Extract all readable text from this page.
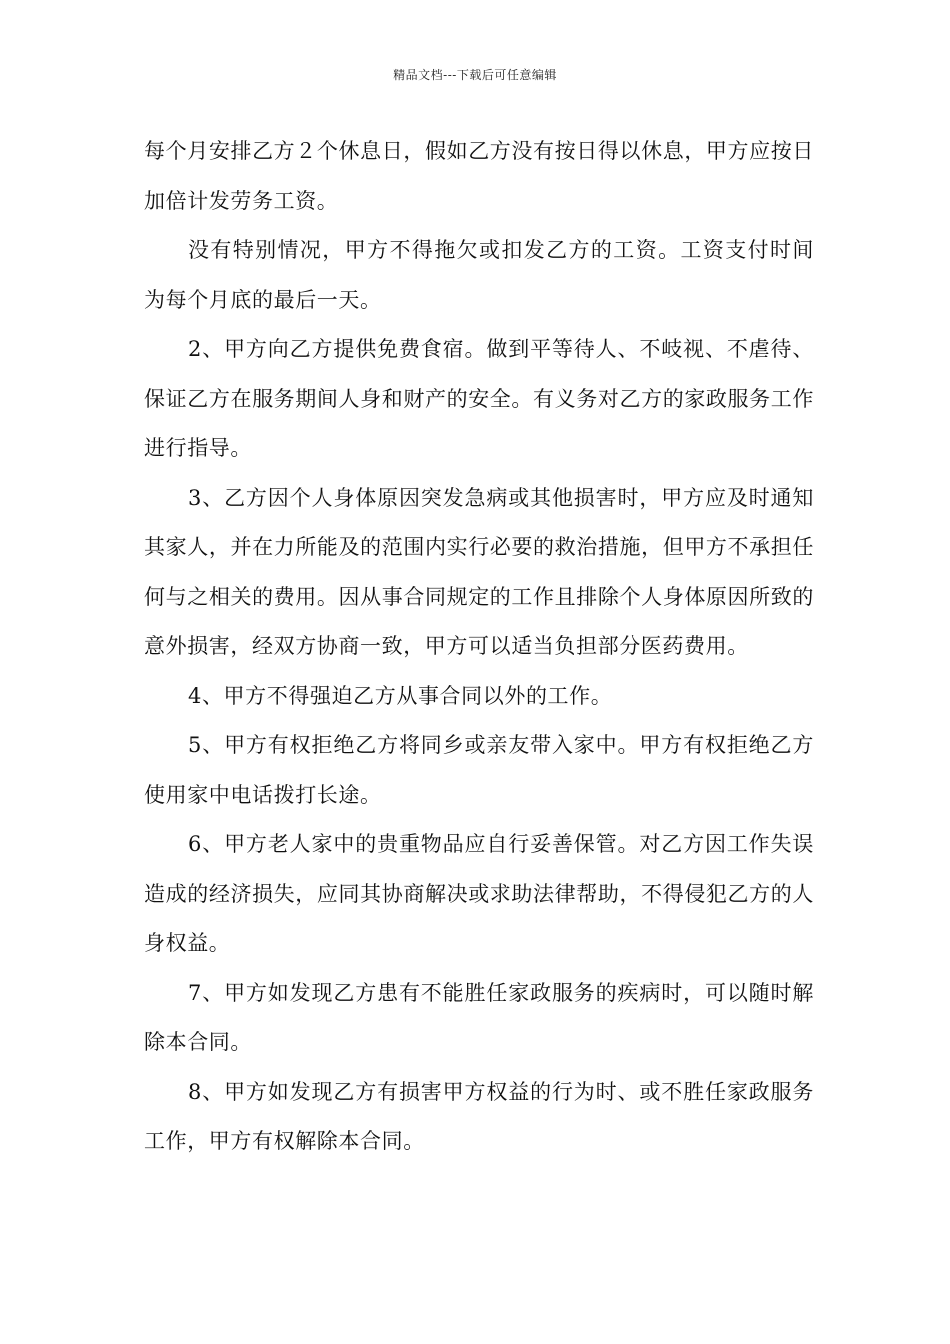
精品文档---下载后可任意编辑

每个月安排乙方２个休息日，假如乙方没有按日得以休息，甲方应按日加倍计发劳务工资。

没有特别情况，甲方不得拖欠或扣发乙方的工资。工资支付时间为每个月底的最后一天。

2、甲方向乙方提供免费食宿。做到平等待人、不岐视、不虐待、保证乙方在服务期间人身和财产的安全。有义务对乙方的家政服务工作进行指导。

3、乙方因个人身体原因突发急病或其他损害时，甲方应及时通知其家人，并在力所能及的范围内实行必要的救治措施，但甲方不承担任何与之相关的费用。因从事合同规定的工作且排除个人身体原因所致的意外损害，经双方协商一致，甲方可以适当负担部分医药费用。

4、甲方不得强迫乙方从事合同以外的工作。

5、甲方有权拒绝乙方将同乡或亲友带入家中。甲方有权拒绝乙方使用家中电话拨打长途。

6、甲方老人家中的贵重物品应自行妥善保管。对乙方因工作失误造成的经济损失，应同其协商解决或求助法律帮助，不得侵犯乙方的人身权益。

7、甲方如发现乙方患有不能胜任家政服务的疾病时，可以随时解除本合同。

8、甲方如发现乙方有损害甲方权益的行为时、或不胜任家政服务工作，甲方有权解除本合同。
